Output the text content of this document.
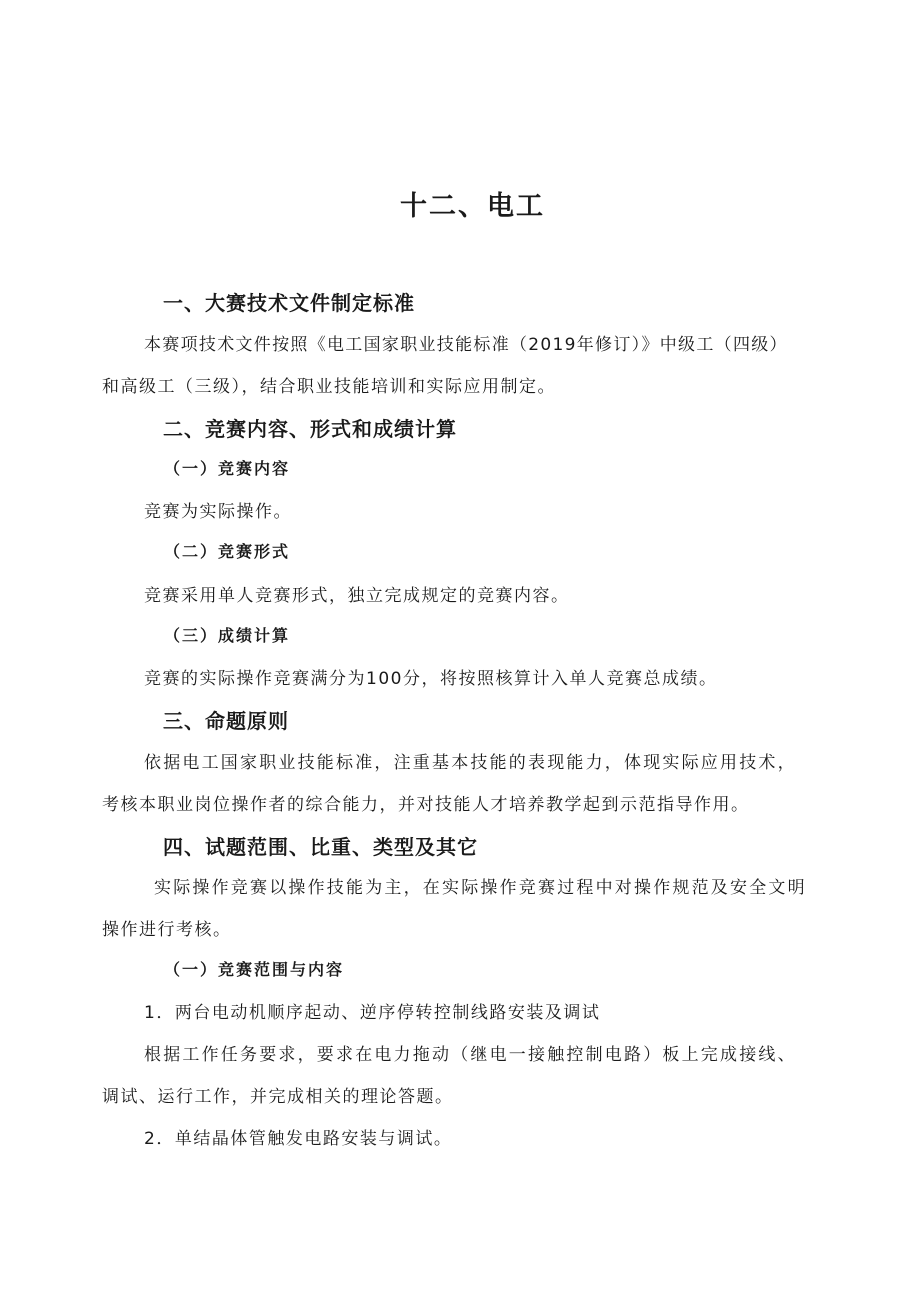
十二、电工
一、大赛技术文件制定标准
本赛项技术文件按照《电工国家职业技能标准（2019年修订）》中级工（四级）
和高级工（三级），结合职业技能培训和实际应用制定。
二、竞赛内容、形式和成绩计算
（一）竞赛内容
竞赛为实际操作。
（二）竞赛形式
竞赛采用单人竞赛形式，独立完成规定的竞赛内容。
（三）成绩计算
竞赛的实际操作竞赛满分为100分，将按照核算计入单人竞赛总成绩。
三、命题原则
依据电工国家职业技能标准，注重基本技能的表现能力，体现实际应用技术，
考核本职业岗位操作者的综合能力，并对技能人才培养教学起到示范指导作用。
四、试题范围、比重、类型及其它
实际操作竞赛以操作技能为主，在实际操作竞赛过程中对操作规范及安全文明
操作进行考核。
（一）竞赛范围与内容
1．两台电动机顺序起动、逆序停转控制线路安装及调试
根据工作任务要求，要求在电力拖动（继电一接触控制电路）板上完成接线、
调试、运行工作，并完成相关的理论答题。
2．单结晶体管触发电路安装与调试。
